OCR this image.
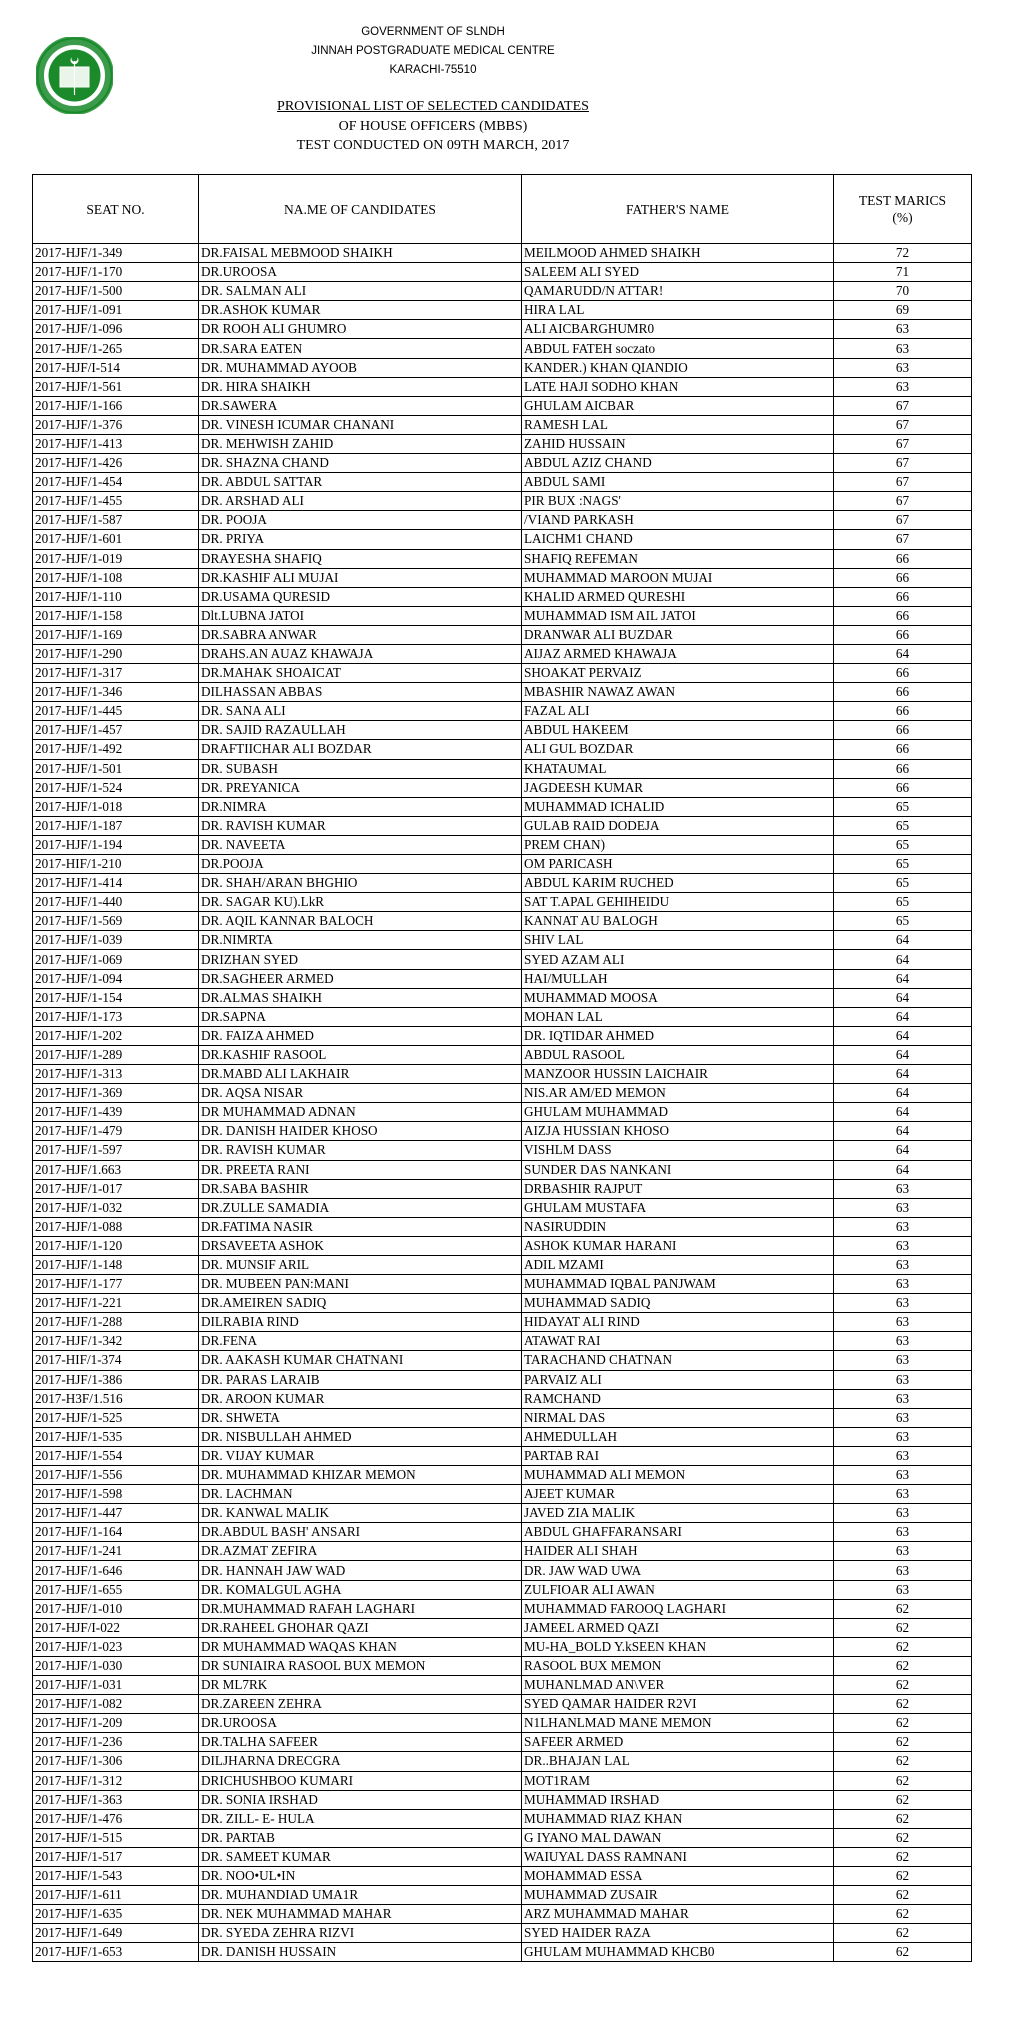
GOVERNMENT OF SLNDH
JINNAH POSTGRADUATE MEDICAL CENTRE
KARACHI-75510
PROVISIONAL LIST OF SELECTED CANDIDATES
OF HOUSE OFFICERS (MBBS)
TEST CONDUCTED ON 09TH MARCH, 2017
SEAT NO.	NA.ME OF CANDIDATES	FATHER'S NAME	TEST MARICS
(%)
2017-HJF/1-349	DR.FAISAL MEBMOOD SHAIKH	MEILMOOD AHMED SHAIKH	72
2017-HJF/1-170	DR.UROOSA	SALEEM ALI SYED	71
2017-HJF/1-500	DR. SALMAN ALI	QAMARUDD/N ATTAR!	70
2017-HJF/1-091	DR.ASHOK KUMAR	HIRA LAL	69
2017-HJF/1-096	DR ROOH ALI GHUMRO	ALI AICBARGHUMR0	63
2017-HJF/1-265	DR.SARA EATEN	ABDUL FATEH soczato	63
2017-HJF/I-514	DR. MUHAMMAD AYOOB	KANDER.) KHAN QIANDIO	63
2017-HJF/1-561	DR. HIRA SHAIKH	LATE HAJI SODHO KHAN	63
2017-HJF/1-166	DR.SAWERA	GHULAM AICBAR	67
2017-HJF/1-376	DR. VINESH ICUMAR CHANANI	RAMESH LAL	67
2017-HJF/1-413	DR. MEHWISH ZAHID	ZAHID HUSSAIN	67
2017-HJF/1-426	DR. SHAZNA CHAND	ABDUL AZIZ CHAND	67
2017-HJF/1-454	DR. ABDUL SATTAR	ABDUL SAMI	67
2017-HJF/1-455	DR. ARSHAD ALI	PIR BUX :NAGS'	67
2017-HJF/1-587	DR. POOJA	/VIAND PARKASH	67
2017-HJF/1-601	DR. PRIYA	LAICHM1 CHAND	67
2017-HJF/1-019	DRAYESHA SHAFIQ	SHAFIQ REFEMAN	66
2017-HJF/1-108	DR.KASHIF ALI MUJAI	MUHAMMAD MAROON MUJAI	66
2017-HJF/1-110	DR.USAMA QURESID	KHALID ARMED QURESHI	66
2017-HJF/1-158	Dlt.LUBNA JATOI	MUHAMMAD ISM AIL JATOI	66
2017-HJF/1-169	DR.SABRA ANWAR	DRANWAR ALI BUZDAR	66
2017-HJF/1-290	DRAHS.AN AUAZ KHAWAJA	AIJAZ ARMED KHAWAJA	64
2017-HJF/1-317	DR.MAHAK SHOAICAT	SHOAKAT PERVAIZ	66
2017-HJF/1-346	DILHASSAN ABBAS	MBASHIR NAWAZ AWAN	66
2017-HJF/1-445	DR. SANA ALI	FAZAL ALI	66
2017-HJF/1-457	DR. SAJID RAZAULLAH	ABDUL HAKEEM	66
2017-HJF/1-492	DRAFTIICHAR ALI BOZDAR	ALI GUL BOZDAR	66
2017-HJF/1-501	DR. SUBASH	KHATAUMAL	66
2017-HJF/1-524	DR. PREYANICA	JAGDEESH KUMAR	66
2017-HJF/1-018	DR.NIMRA	MUHAMMAD ICHALID	65
2017-HJF/1-187	DR. RAVISH KUMAR	GULAB RAID DODEJA	65
2017-HJF/1-194	DR. NAVEETA	PREM CHAN)	65
2017-HIF/1-210	DR.POOJA	OM PARICASH	65
2017-HJF/1-414	DR. SHAH/ARAN BHGHIO	ABDUL KARIM RUCHED	65
2017-HJF/1-440	DR. SAGAR KU).LkR	SAT T.APAL GEHIHEIDU	65
2017-HJF/1-569	DR. AQIL KANNAR BALOCH	KANNAT AU BALOGH	65
2017-HJF/1-039	DR.NIMRTA	SHIV LAL	64
2017-HJF/1-069	DRIZHAN SYED	SYED AZAM ALI	64
2017-HJF/1-094	DR.SAGHEER ARMED	HAI/MULLAH	64
2017-HJF/1-154	DR.ALMAS SHAIKH	MUHAMMAD MOOSA	64
2017-HJF/1-173	DR.SAPNA	MOHAN LAL	64
2017-HJF/1-202	DR. FAIZA AHMED	DR. IQTIDAR AHMED	64
2017-HJF/1-289	DR.KASHIF RASOOL	ABDUL RASOOL	64
2017-HJF/1-313	DR.MABD ALI LAKHAIR	MANZOOR HUSSIN LAICHAIR	64
2017-HJF/1-369	DR. AQSA NISAR	NIS.AR AM/ED MEMON	64
2017-HJF/1-439	DR MUHAMMAD ADNAN	GHULAM MUHAMMAD	64
2017-HJF/1-479	DR. DANISH HAIDER KHOSO	AIZJA HUSSIAN KHOSO	64
2017-HJF/1-597	DR. RAVISH KUMAR	VISHLM DASS	64
2017-HJF/1.663	DR. PREETA RANI	SUNDER DAS NANKANI	64
2017-HJF/1-017	DR.SABA BASHIR	DRBASHIR RAJPUT	63
2017-HJF/1-032	DR.ZULLE SAMADIA	GHULAM MUSTAFA	63
2017-HJF/1-088	DR.FATIMA NASIR	NASIRUDDIN	63
2017-HJF/1-120	DRSAVEETA ASHOK	ASHOK KUMAR HARANI	63
2017-HJF/1-148	DR. MUNSIF ARIL	ADIL MZAMI	63
2017-HJF/1-177	DR. MUBEEN PAN:MANI	MUHAMMAD IQBAL PANJWAM	63
2017-HJF/1-221	DR.AMEIREN SADIQ	MUHAMMAD SADIQ	63
2017-HJF/1-288	DILRABIA RIND	HIDAYAT ALI RIND	63
2017-HJF/1-342	DR.FENA	ATAWAT RAI	63
2017-HIF/1-374	DR. AAKASH KUMAR CHATNANI	TARACHAND CHATNAN	63
2017-HJF/1-386	DR. PARAS LARAIB	PARVAIZ ALI	63
2017-H3F/1.516	DR. AROON KUMAR	RAMCHAND	63
2017-HJF/1-525	DR. SHWETA	NIRMAL DAS	63
2017-HJF/1-535	DR. NISBULLAH AHMED	AHMEDULLAH	63
2017-HJF/1-554	DR. VIJAY KUMAR	PARTAB RAI	63
2017-HJF/1-556	DR. MUHAMMAD KHIZAR MEMON	MUHAMMAD ALI MEMON	63
2017-HJF/1-598	DR. LACHMAN	AJEET KUMAR	63
2017-HJF/1-447	DR. KANWAL MALIK	JAVED ZIA MALIK	63
2017-HJF/1-164	DR.ABDUL BASH' ANSARI	ABDUL GHAFFARANSARI	63
2017-HJF/1-241	DR.AZMAT ZEFIRA	HAIDER ALI SHAH	63
2017-HJF/1-646	DR. HANNAH JAW WAD	DR. JAW WAD UWA	63
2017-HJF/1-655	DR. KOMALGUL AGHA	ZULFIOAR ALI AWAN	63
2017-HJF/1-010	DR.MUHAMMAD RAFAH LAGHARI	MUHAMMAD FAROOQ LAGHARI	62
2017-HJF/I-022	DR.RAHEEL GHOHAR QAZI	JAMEEL ARMED QAZI	62
2017-HJF/1-023	DR MUHAMMAD WAQAS KHAN	MU-HA_BOLD Y.kSEEN KHAN	62
2017-HJF/1-030	DR SUNIAIRA RASOOL BUX MEMON	RASOOL BUX MEMON	62
2017-HJF/1-031	DR ML7RK	MUHANLMAD AN\VER	62
2017-HJF/1-082	DR.ZAREEN ZEHRA	SYED QAMAR HAIDER R2VI	62
2017-HJF/1-209	DR.UROOSA	N1LHANLMAD MANE MEMON	62
2017-HJF/1-236	DR.TALHA SAFEER	SAFEER ARMED	62
2017-HJF/1-306	DILJHARNA DRECGRA	DR..BHAJAN LAL	62
2017-HJF/1-312	DRICHUSHBOO KUMARI	MOT1RAM	62
2017-HJF/1-363	DR. SONIA IRSHAD	MUHAMMAD IRSHAD	62
2017-HJF/1-476	DR. ZILL- E- HULA	MUHAMMAD RIAZ KHAN	62
2017-HJF/1-515	DR. PARTAB	G IYANO MAL DAWAN	62
2017-HJF/1-517	DR. SAMEET KUMAR	WAIUYAL DASS RAMNANI	62
2017-HJF/1-543	DR. NOO•UL•IN	MOHAMMAD ESSA	62
2017-HJF/1-611	DR. MUHANDIAD UMA1R	MUHAMMAD ZUSAIR	62
2017-HJF/1-635	DR. NEK MUHAMMAD MAHAR	ARZ MUHAMMAD MAHAR	62
2017-HJF/1-649	DR. SYEDA ZEHRA RIZVI	SYED HAIDER RAZA	62
2017-HJF/1-653	DR. DANISH HUSSAIN	GHULAM MUHAMMAD KHCB0	62
